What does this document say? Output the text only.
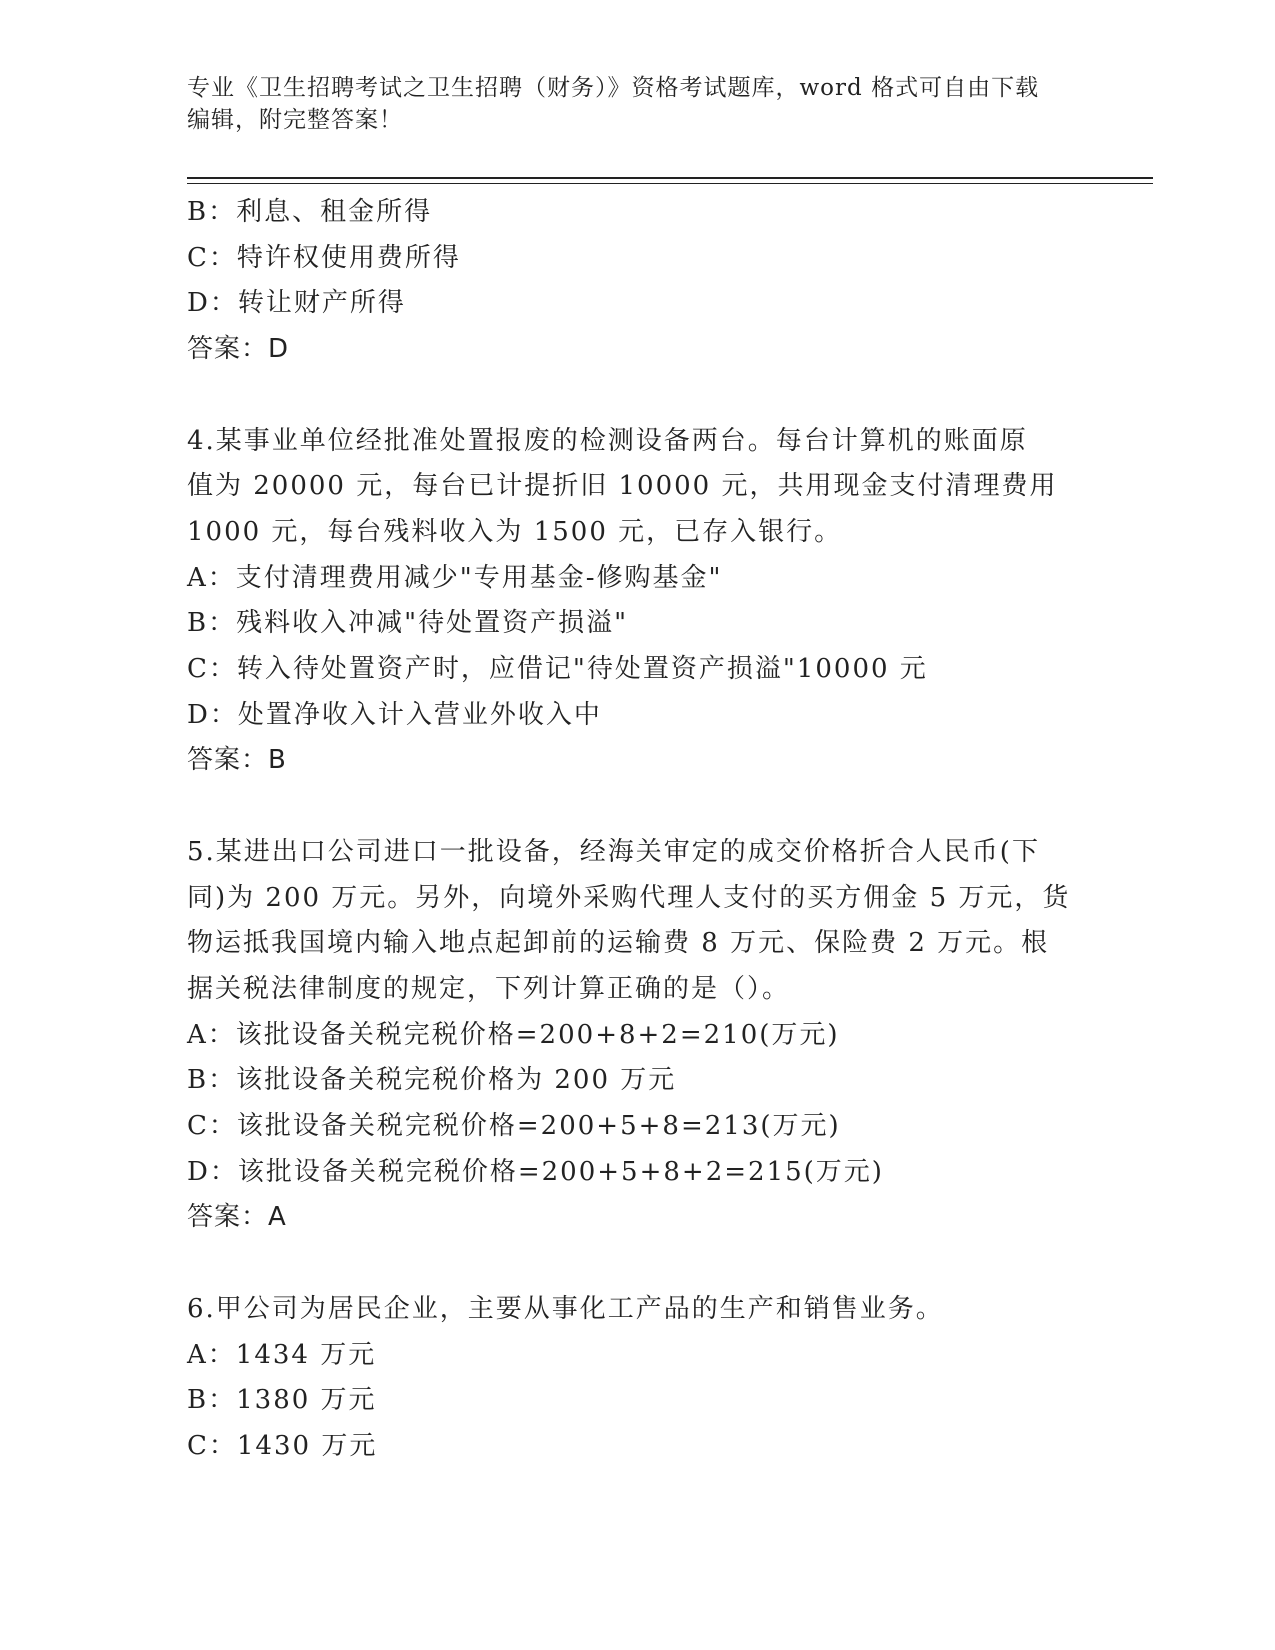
专业《卫生招聘考试之卫生招聘（财务）》资格考试题库，word 格式可自由下载
编辑，附完整答案！
B：利息、租金所得
C：特许权使用费所得
D：转让财产所得
答案：D
4.某事业单位经批准处置报废的检测设备两台。每台计算机的账面原
值为 20000 元，每台已计提折旧 10000 元，共用现金支付清理费用
1000 元，每台残料收入为 1500 元，已存入银行。
A：支付清理费用减少"专用基金-修购基金"
B：残料收入冲减"待处置资产损溢"
C：转入待处置资产时，应借记"待处置资产损溢"10000 元
D：处置净收入计入营业外收入中
答案：B
5.某进出口公司进口一批设备，经海关审定的成交价格折合人民币(下
同)为 200 万元。另外，向境外采购代理人支付的买方佣金 5 万元，货
物运抵我国境内输入地点起卸前的运输费 8 万元、保险费 2 万元。根
据关税法律制度的规定，下列计算正确的是（）。
A：该批设备关税完税价格=200+8+2=210(万元)
B：该批设备关税完税价格为 200 万元
C：该批设备关税完税价格=200+5+8=213(万元)
D：该批设备关税完税价格=200+5+8+2=215(万元)
答案：A
6.甲公司为居民企业，主要从事化工产品的生产和销售业务。
A：1434 万元
B：1380 万元
C：1430 万元
